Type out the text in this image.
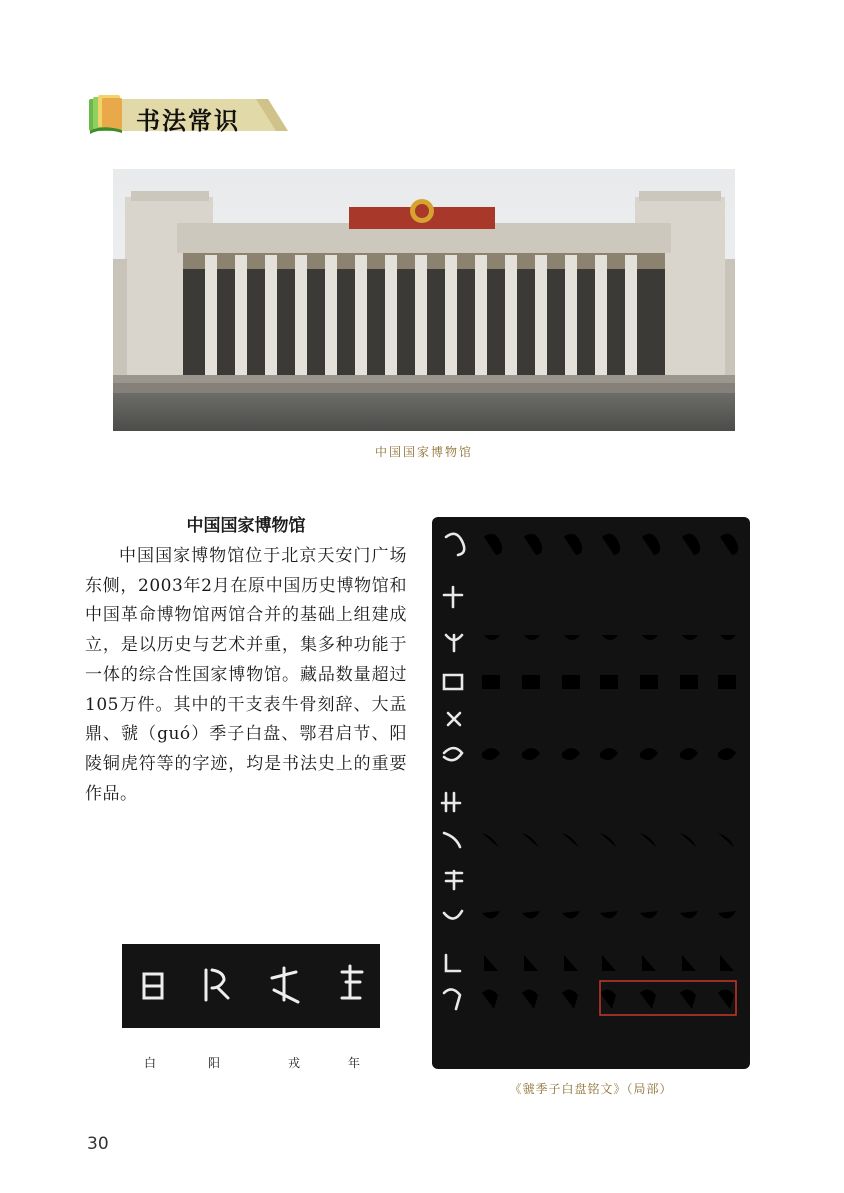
书法常识
中国国家博物馆
中国国家博物馆

中国国家博物馆位于北京天安门广场东侧，2003年2月在原中国历史博物馆和中国革命博物馆两馆合并的基础上组建成立，是以历史与艺术并重，集多种功能于一体的综合性国家博物馆。藏品数量超过105万件。其中的干支表牛骨刻辞、大盂鼎、虢（guó）季子白盘、鄂君启节、阳陵铜虎符等的字迹，均是书法史上的重要作品。

《虢季子白盘铭文》（局部）
白	阳	戎	年
30
